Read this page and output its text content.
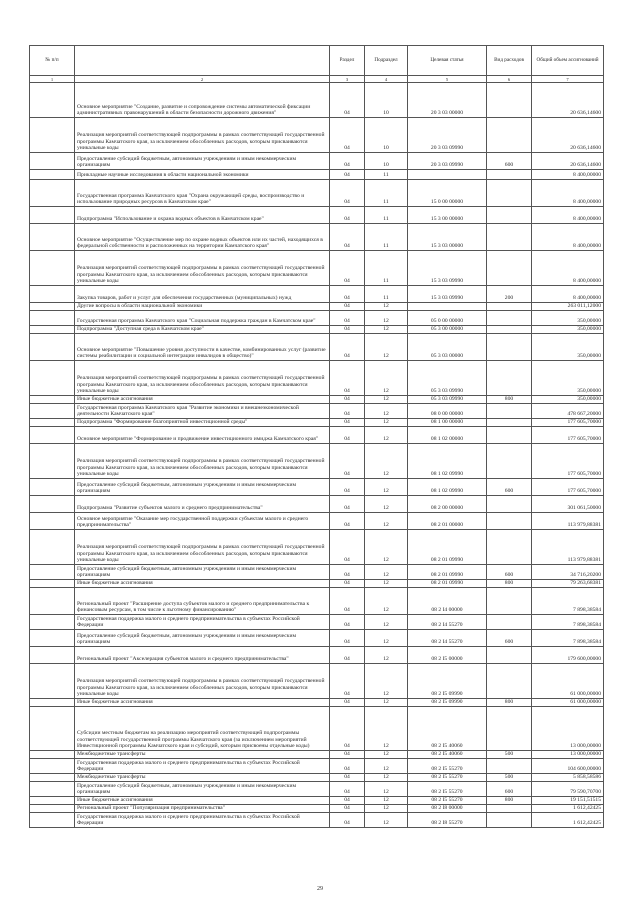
№ п/п		Раздел	Подраздел	Целевая статья	Вид расходов	Общий объем ассигнований
1	2	3	4	5	6	7
	Основное мероприятие "Создание, развитие и сопровождение системы автоматической фиксации административных правонарушений в области безопасности дорожного движения"	04	10	20 3 03 00000		20 636,14600
	Реализация мероприятий соответствующей подпрограммы в рамках соответствующей государственной программы Камчатского края, за исключением обособленных расходов, которым присваиваются уникальные коды	04	10	20 3 03 09990		20 636,14600
	Предоставление субсидий бюджетным, автономным учреждениям и иным некоммерческим организациям	04	10	20 3 03 09990	600	20 636,14600
	Прикладные научные исследования в области национальной экономики	04	11			8 400,00000
	Государственная программа Камчатского края "Охрана окружающей среды, воспроизводство и использование природных ресурсов в Камчатском крае"	04	11	15 0 00 00000		8 400,00000
	Подпрограмма "Использование и охрана водных объектов в Камчатском крае"	04	11	15 3 00 00000		8 400,00000
	Основное мероприятие "Осуществление мер по охране водных объектов или их частей, находящихся в федеральной собственности и расположенных на территории Камчатского края"	04	11	15 3 03 00000		8 400,00000
	Реализация мероприятий соответствующей подпрограммы в рамках соответствующей государственной программы Камчатского края, за исключением обособленных расходов, которым присваиваются уникальные коды	04	11	15 3 03 09990		8 400,00000
	Закупка товаров, работ и услуг для обеспечения государственных (муниципальных) нужд	04	11	15 3 03 09990	200	8 400,00000
	Другие вопросы в области национальной экономики	04	12			263 011,12000
	Государственная программа Камчатского края "Социальная поддержка граждан в Камчатском крае"	04	12	05 0 00 00000		350,00000
	Подпрограмма "Доступная среда в Камчатском крае"	04	12	05 3 00 00000		350,00000
	Основное мероприятие "Повышение уровня доступности в качестве, комбинированных услуг (развитие системы реабилитации и социальной интеграции инвалидов в общество)"	04	12	05 3 03 00000		350,00000
	Реализация мероприятий соответствующей подпрограммы в рамках соответствующей государственной программы Камчатского края, за исключением обособленных расходов, которым присваиваются уникальные коды	04	12	05 3 03 09990		350,00000
	Иные бюджетные ассигнования	04	12	05 3 03 09990	800	350,00000
	Государственная программа Камчатского края "Развитие экономики и внешнеэкономической деятельности Камчатского края"	04	12	08 0 00 00000		478 667,20000
	Подпрограмма "Формирование благоприятной инвестиционной среды"	04	12	08 1 00 00000		177 605,70000
	Основное мероприятие "Формирование и продвижение инвестиционного имиджа Камчатского края"	04	12	08 1 02 00000		177 605,70000
	Реализация мероприятий соответствующей подпрограммы в рамках соответствующей государственной программы Камчатского края, за исключением обособленных расходов, которым присваиваются уникальные коды	04	12	08 1 02 09990		177 605,70000
	Предоставление субсидий бюджетным, автономным учреждениям и иным некоммерческим организациям	04	12	08 1 02 09990	600	177 605,70000
	Подпрограмма "Развитие субъектов малого и среднего предпринимательства"	04	12	08 2 00 00000		301 061,50000
	Основное мероприятие "Оказание мер государственной поддержки субъектам малого и среднего предпринимательства"	04	12	08 2 01 00000		113 979,88381
	Реализация мероприятий соответствующей подпрограммы в рамках соответствующей государственной программы Камчатского края, за исключением обособленных расходов, которым присваиваются уникальные коды	04	12	08 2 01 09990		113 979,88381
	Предоставление субсидий бюджетным, автономным учреждениям и иным некоммерческим организациям	04	12	08 2 01 09990	600	34 716,20200
	Иные бюджетные ассигнования	04	12	08 2 01 09990	800	79 263,68381
	Региональный проект "Расширение доступа субъектов малого и среднего предпринимательства к финансовым ресурсам, в том числе к льготному финансированию"	04	12	08 2 I4 00000		7 898,38584
	Государственная поддержка малого и среднего предпринимательства в субъектах Российской Федерации	04	12	08 2 I4 55270		7 898,38584
	Предоставление субсидий бюджетным, автономным учреждениям и иным некоммерческим организациям	04	12	08 2 I4 55270	600	7 898,38584
	Региональный проект "Акселерация субъектов малого и среднего предпринимательства"	04	12	08 2 I5 00000		179 600,00000
	Реализация мероприятий соответствующей подпрограммы в рамках соответствующей государственной программы Камчатского края, за исключением обособленных расходов, которым присваиваются уникальные коды	04	12	08 2 I5 09990		61 000,00000
	Иные бюджетные ассигнования	04	12	08 2 I5 09990	800	61 000,00000
	Субсидии местным бюджетам на реализацию мероприятий соответствующей подпрограммы соответствующей государственной программы Камчатского края (за исключением мероприятий Инвестиционной программы Камчатского края и субсидий, которым присвоены отдельные коды)	04	12	08 2 I5 40060		13 000,00000
	Межбюджетные трансферты	04	12	08 2 I5 40060	500	13 000,00000
	Государственная поддержка малого и среднего предпринимательства в субъектах Российской Федерации	04	12	08 2 I5 55270		104 600,00000
	Межбюджетные трансферты	04	12	08 2 I5 55270	500	5 858,58586
	Предоставление субсидий бюджетным, автономным учреждениям и иным некоммерческим организациям	04	12	08 2 I5 55270	600	79 590,70700
	Иные бюджетные ассигнования	04	12	08 2 I5 55270	800	19 151,51515
	Региональный проект "Популяризация предпринимательства"	04	12	08 2 I8 00000		1 612,42425
	Государственная поддержка малого и среднего предпринимательства в субъектах Российской Федерации	04	12	08 2 I8 55270		1 612,42425
29
